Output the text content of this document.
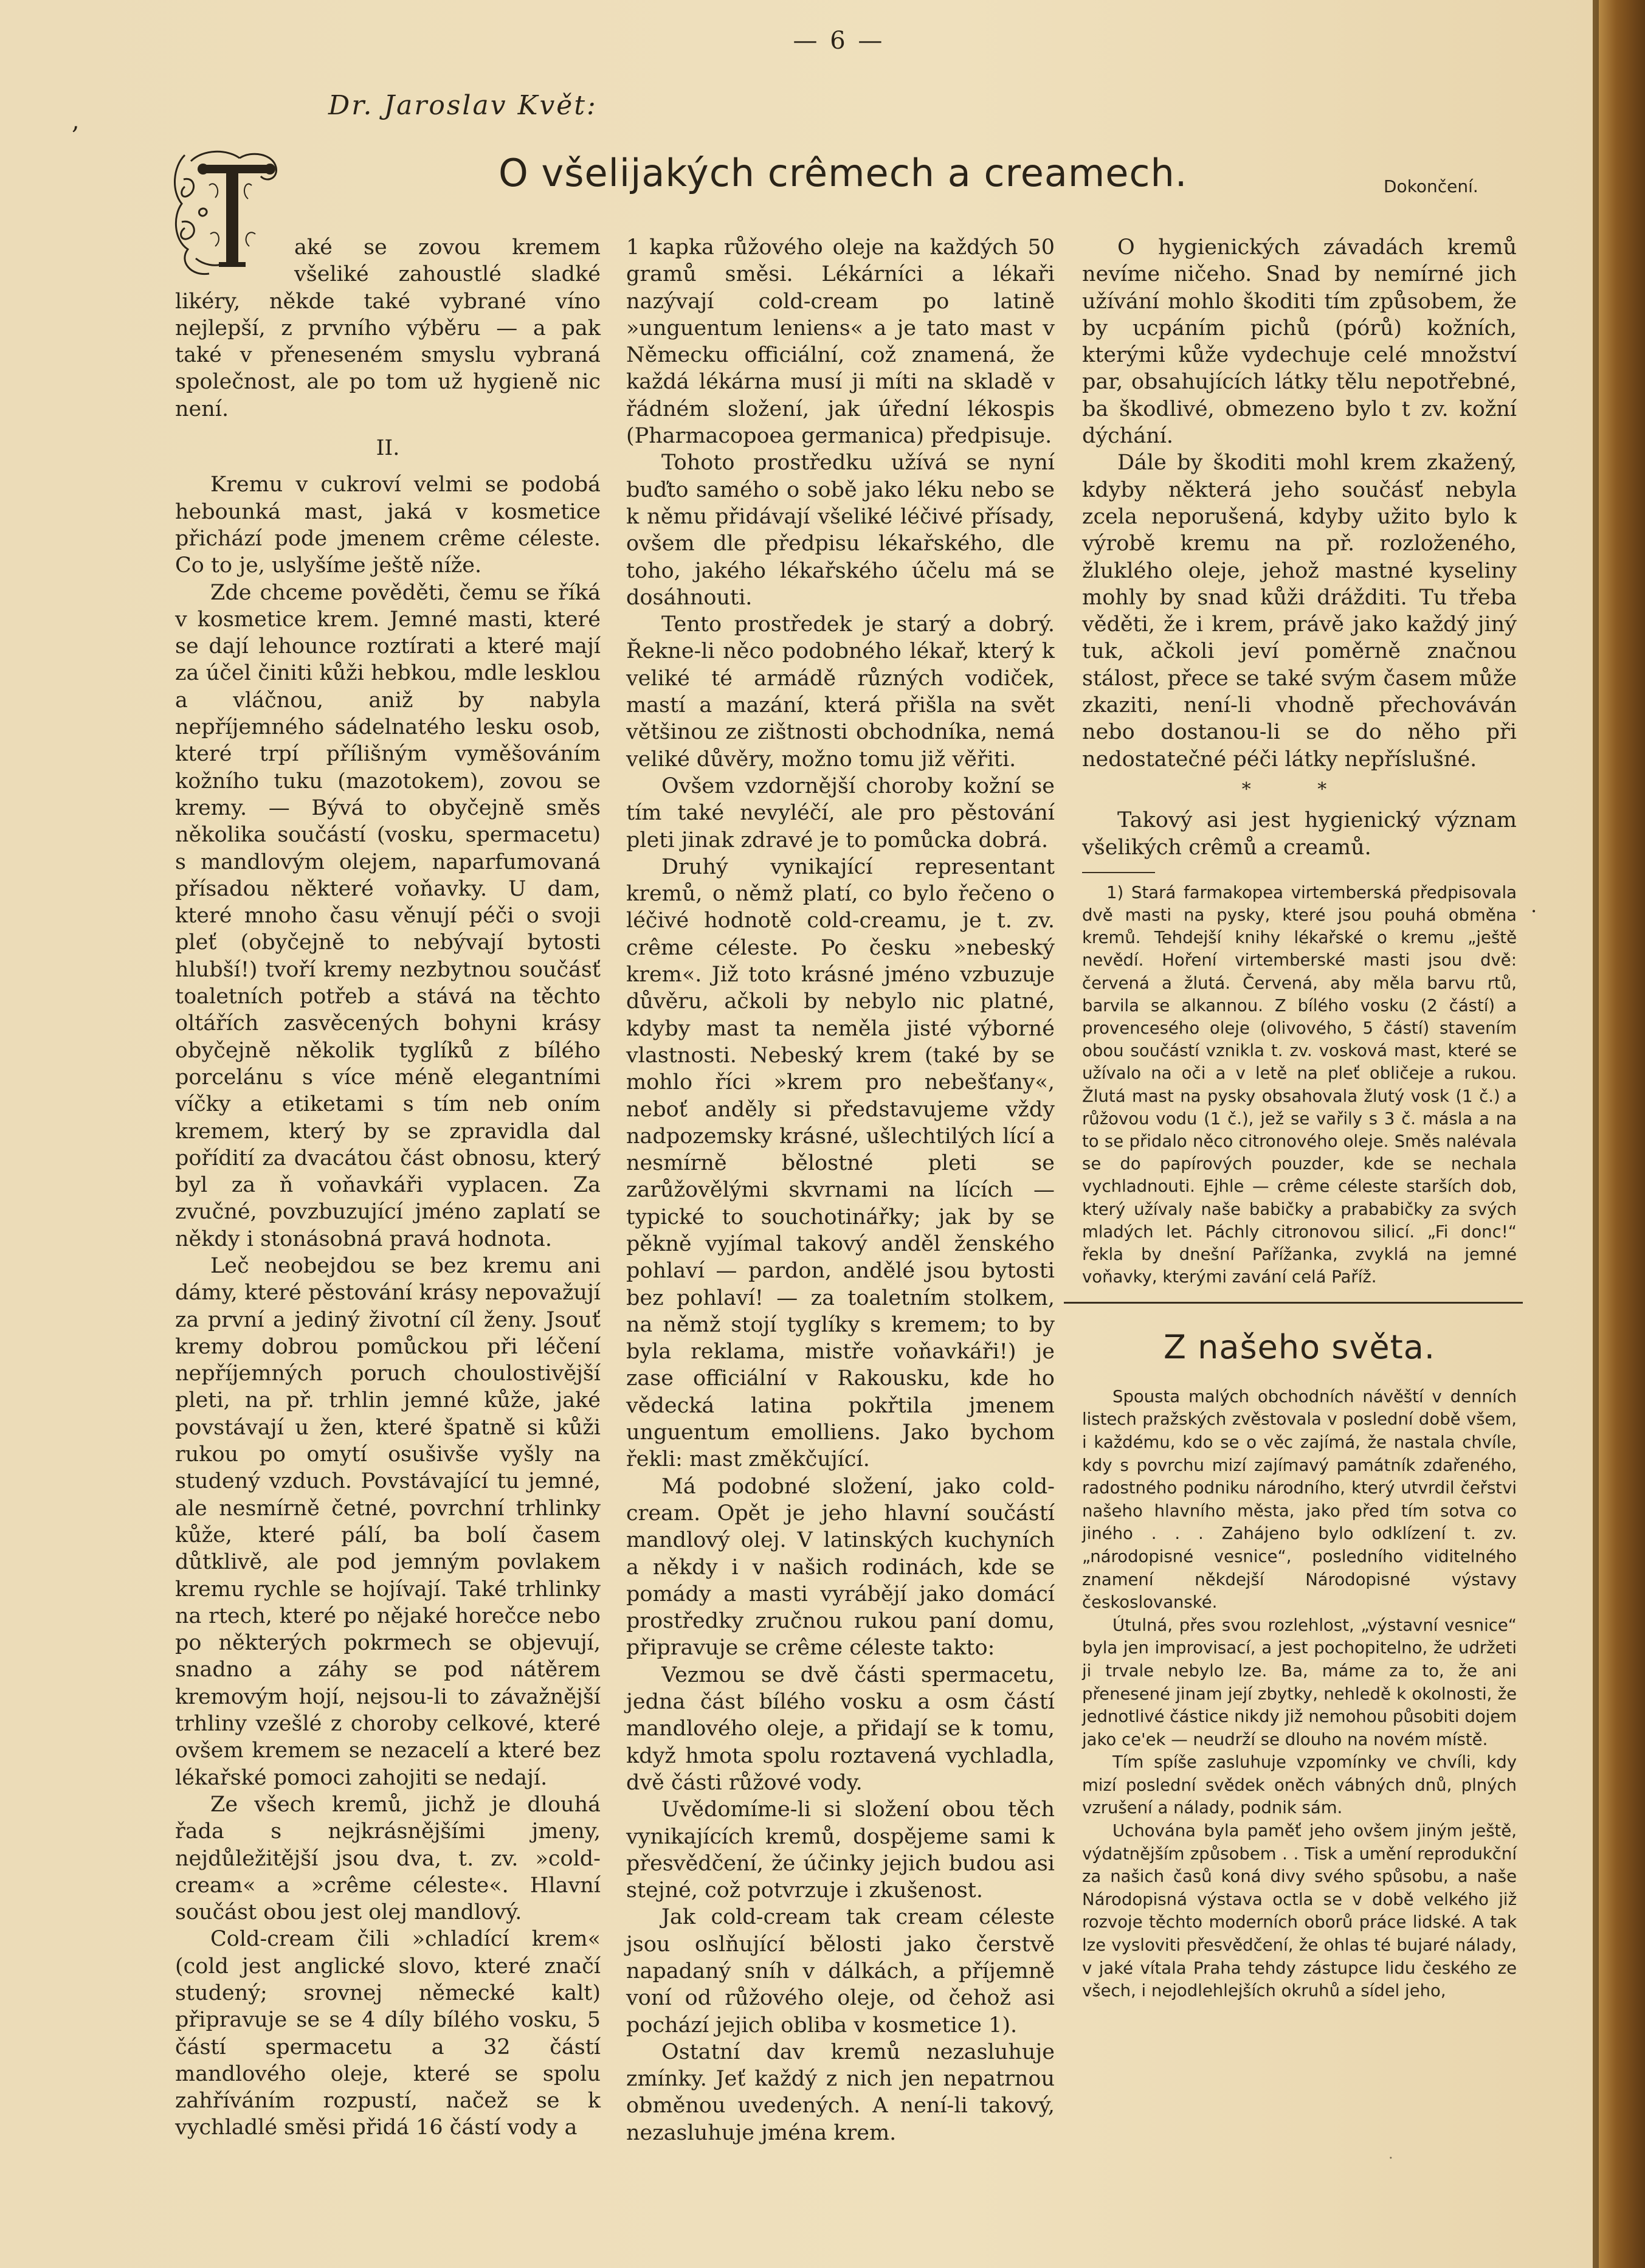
,
.
.
— 6 —
Dr. Jaroslav Květ:
O všelijakých crêmech a creamech.	Dokončení.

aké se zovou kremem všeliké zahoustlé sladké likéry, někde také vybrané víno nejlepší, z prvního výběru — a pak také v přeneseném smyslu vybraná společnost, ale po tom už hygieně nic není.

II.

Kremu v cukroví velmi se podobá hebounká mast, jaká v kosmetice přichází pode jmenem crême céleste. Co to je, uslyšíme ještě níže.

Zde chceme pověděti, čemu se říká v kosmetice krem. Jemné masti, které se dají lehounce roztírati a které mají za účel činiti kůži hebkou, mdle lesklou a vláčnou, aniž by nabyla nepříjemného sádelnatého lesku osob, které trpí přílišným vyměšováním kožního tuku (mazotokem), zovou se kremy. — Bývá to obyčejně směs několika součástí (vosku, spermacetu) s mandlovým olejem, naparfumovaná přísadou některé voňavky. U dam, které mnoho času věnují péči o svoji pleť (obyčejně to nebývají bytosti hlubší!) tvoří kremy nezbytnou součásť toaletních potřeb a stává na těchto oltářích zasvěcených bohyni krásy obyčejně několik tyglíků z bílého porcelánu s více méně elegantními víčky a etiketami s tím neb oním kremem, který by se zpravidla dal pořídití za dvacátou část obnosu, který byl za ň voňavkáři vyplacen. Za zvučné, povzbuzující jméno zaplatí se někdy i stonásobná pravá hodnota.

Leč neobejdou se bez kremu ani dámy, které pěstování krásy nepovažují za první a jediný životní cíl ženy. Jsouť kremy dobrou pomůckou při léčení nepříjemných poruch choulostivější pleti, na př. trhlin jemné kůže, jaké povstávají u žen, které špatně si kůži rukou po omytí osušivše vyšly na studený vzduch. Povstávající tu jemné, ale nesmírně četné, povrchní trhlinky kůže, které pálí, ba bolí časem důtklivě, ale pod jemným povlakem kremu rychle se hojívají. Také trhlinky na rtech, které po nějaké horečce nebo po některých pokrmech se objevují, snadno a záhy se pod nátěrem kremovým hojí, nejsou-li to závažnější trhliny vzešlé z choroby celkové, které ovšem kremem se nezacelí a které bez lékařské pomoci zahojiti se nedají.

Ze všech kremů, jichž je dlouhá řada s nejkrásnějšími jmeny, nejdůležitější jsou dva, t. zv. »cold-cream« a »crême céleste«. Hlavní součást obou jest olej mandlový.

Cold-cream čili »chladící krem« (cold jest anglické slovo, které značí studený; srovnej německé kalt) připravuje se se 4 díly bílého vosku, 5 částí spermacetu a 32 částí mandlového oleje, které se spolu zahříváním rozpustí, načež se k vychladlé směsi přidá 16 částí vody a

1 kapka růžového oleje na každých 50 gramů směsi. Lékárníci a lékaři nazývají cold-cream po latině »unguentum leniens« a je tato mast v Německu officiální, což znamená, že každá lékárna musí ji míti na skladě v řádném složení, jak úřední lékospis (Pharmacopoea germanica) předpisuje.

Tohoto prostředku užívá se nyní buďto samého o sobě jako léku nebo se k němu přidávají všeliké léčivé přísady, ovšem dle předpisu lékařského, dle toho, jakého lékařského účelu má se dosáhnouti.

Tento prostředek je starý a dobrý. Řekne-li něco podobného lékař, který k veliké té armádě různých vodiček, mastí a mazání, která přišla na svět většinou ze zištnosti obchodníka, nemá veliké důvěry, možno tomu již věřiti.

Ovšem vzdornější choroby kožní se tím také nevyléčí, ale pro pěstování pleti jinak zdravé je to pomůcka dobrá.

Druhý vynikající representant kremů, o němž platí, co bylo řečeno o léčivé hodnotě cold-creamu, je t. zv. crême céleste. Po česku »nebeský krem«. Již toto krásné jméno vzbuzuje důvěru, ačkoli by nebylo nic platné, kdyby mast ta neměla jisté výborné vlastnosti. Nebeský krem (také by se mohlo říci »krem pro nebešťany«, neboť anděly si představujeme vždy nadpozemsky krásné, ušlechtilých lící a nesmírně bělostné pleti se zarůžovělými skvrnami na lících — typické to souchotinářky; jak by se pěkně vyjímal takový anděl ženského pohlaví — pardon, andělé jsou bytosti bez pohlaví! — za toaletním stolkem, na němž stojí tyglíky s kremem; to by byla reklama, mistře voňavkáři!) je zase officiální v Rakousku, kde ho vědecká latina pokřtila jmenem unguentum emolliens. Jako bychom řekli: mast změkčující.

Má podobné složení, jako cold-cream. Opět je jeho hlavní součástí mandlový olej. V latinských kuchyních a někdy i v našich rodinách, kde se pomády a masti vyrábějí jako domácí prostředky zručnou rukou paní domu, připravuje se crême céleste takto:

Vezmou se dvě části spermacetu, jedna část bílého vosku a osm částí mandlového oleje, a přidají se k tomu, když hmota spolu roztavená vychladla, dvě části růžové vody.

Uvědomíme-li si složení obou těch vynikajících kremů, dospějeme sami k přesvědčení, že účinky jejich budou asi stejné, což potvrzuje i zkušenost.

Jak cold-cream tak cream céleste jsou oslňující bělosti jako čerstvě napadaný sníh v dálkách, a příjemně voní od růžového oleje, od čehož asi pochází jejich obliba v kosmetice 1).

Ostatní dav kremů nezasluhuje zmínky. Jeť každý z nich jen nepatrnou obměnou uvedených. A není-li takový, nezasluhuje jména krem.

O hygienických závadách kremů nevíme ničeho. Snad by nemírné jich užívání mohlo škoditi tím způsobem, že by ucpáním pichů (pórů) kožních, kterými kůže vydechuje celé množství par, obsahujících látky tělu nepotřebné, ba škodlivé, obmezeno bylo t zv. kožní dýchání.

Dále by škoditi mohl krem zkažený, kdyby některá jeho součásť nebyla zcela neporušená, kdyby užito bylo k výrobě kremu na př. rozloženého, žluklého oleje, jehož mastné kyseliny mohly by snad kůži drážditi. Tu třeba věděti, že i krem, právě jako každý jiný tuk, ačkoli jeví poměrně značnou stálost, přece se také svým časem může zkaziti, není-li vhodně přechováván nebo dostanou-li se do něho při nedostatečné péči látky nepříslušné.

* *

Takový asi jest hygienický význam všelikých crêmů a creamů.

1) Stará farmakopea virtemberská předpisovala dvě masti na pysky, které jsou pouhá obměna kremů. Tehdejší knihy lékařské o kremu „ještě nevědí. Hoření virtemberské masti jsou dvě: červená a žlutá. Červená, aby měla barvu rtů, barvila se alkannou. Z bílého vosku (2 částí) a provencesého oleje (olivového, 5 částí) stavením obou součástí vznikla t. zv. vosková mast, které se užívalo na oči a v letě na pleť obličeje a rukou. Žlutá mast na pysky obsahovala žlutý vosk (1 č.) a růžovou vodu (1 č.), jež se vařily s 3 č. másla a na to se přidalo něco citronového oleje. Směs nalévala se do papírových pouzder, kde se nechala vychladnouti. Ejhle — crême céleste starších dob, který užívaly naše babičky a prababičky za svých mladých let. Páchly citronovou silicí. „Fi donc!“ řekla by dnešní Pařížanka, zvyklá na jemné voňavky, kterými zavání celá Paříž.

Z našeho světa.

Spousta malých obchodních návěští v denních listech pražských zvěstovala v poslední době všem, i každému, kdo se o věc zajímá, že nastala chvíle, kdy s povrchu mizí zajímavý památník zdařeného, radostného podniku národního, který utvrdil čeřstvi našeho hlavního města, jako před tím sotva co jiného . . . Zahájeno bylo odklízení t. zv. „národopisné vesnice“, posledního viditelného znamení někdejší Národopisné výstavy českoslovanské.

Útulná, přes svou rozlehlost, „výstavní vesnice“ byla jen improvisací, a jest pochopitelno, že udržeti ji trvale nebylo lze. Ba, máme za to, že ani přenesené jinam její zbytky, nehledě k okolnosti, že jednotlivé částice nikdy již nemohou působiti dojem jako ce'ek — neudrží se dlouho na novém místě.

Tím spíše zasluhuje vzpomínky ve chvíli, kdy mizí poslední svědek oněch vábných dnů, plných vzrušení a nálady, podnik sám.

Uchována byla paměť jeho ovšem jiným ještě, výdatnějším způsobem . . Tisk a umění reprodukční za našich časů koná divy svého spůsobu, a naše Národopisná výstava octla se v době velkého již rozvoje těchto moderních oborů práce lidské. A tak lze vysloviti přesvědčení, že ohlas té bujaré nálady, v jaké vítala Praha tehdy zástupce lidu českého ze všech, i nejodlehlejších okruhů a sídel jeho,
